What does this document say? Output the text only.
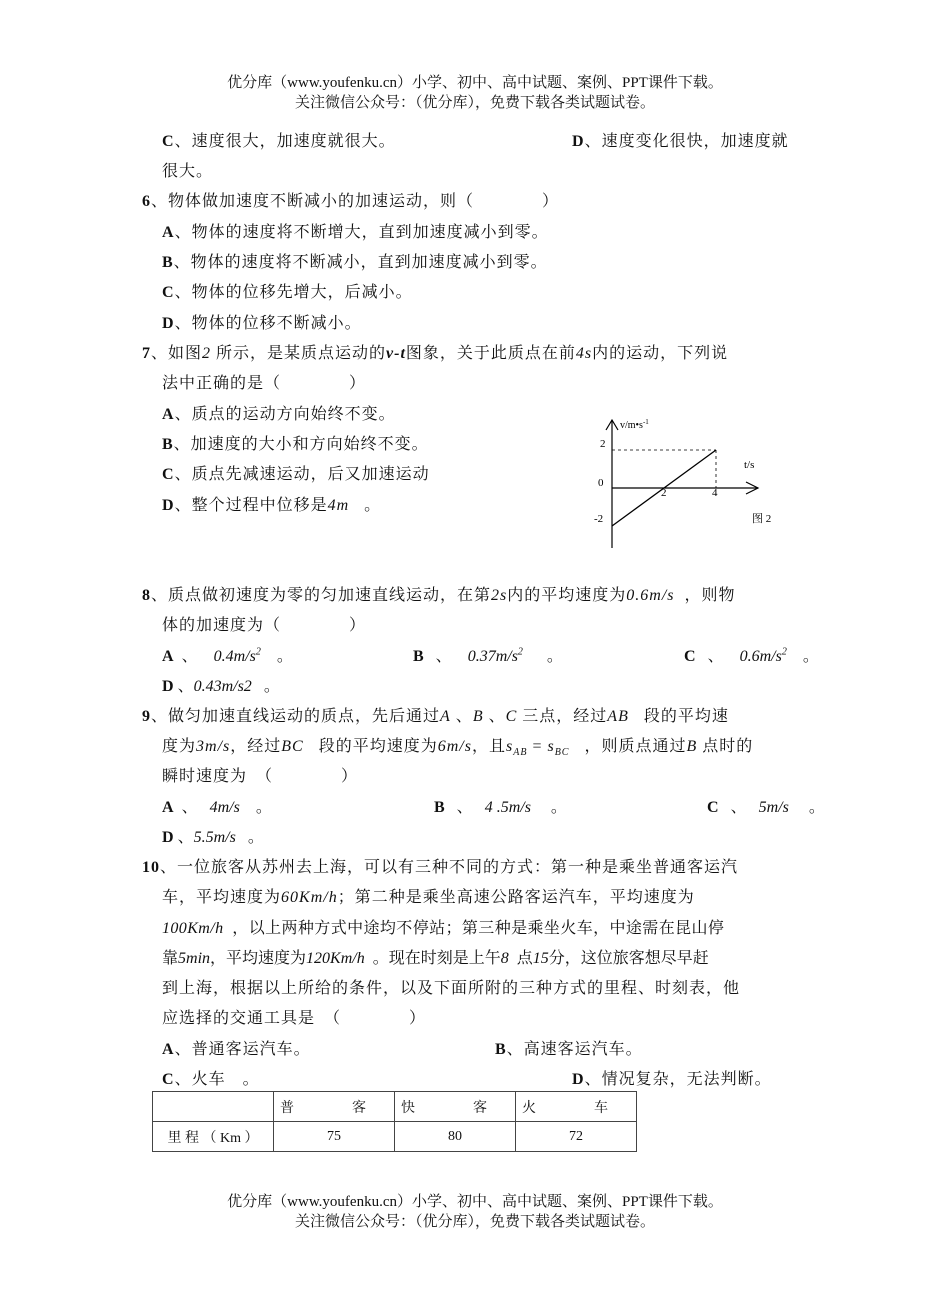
优分库（www.youfenku.cn）小学、初中、高中试题、案例、PPT课件下载。
关注微信公众号：（优分库），免费下载各类试题试卷。
C、速度很大，加速度就很大。	D、速度变化很快，加速度就
很大。
6、物体做加速度不断减小的加速运动，则（　　　　）
A、物体的速度将不断增大，直到加速度减小到零。
B、物体的速度将不断减小，直到加速度减小到零。
C、物体的位移先增大，后减小。
D、物体的位移不断减小。
7、如图2 所示，是某质点运动的v-t图象，关于此质点在前4s内的运动，下列说
法中正确的是（　　　　）
A、质点的运动方向始终不变。
B、加速度的大小和方向始终不变。
C、质点先减速运动，后又加速运动
D、整个过程中位移是4m 。
$v/m•s^{-1}$
t/s
2
0
-2
2	4
图 2
8、质点做初速度为零的匀加速直线运动，在第2s内的平均速度为0.6m/s ，则物
体的加速度为（　　　　）
A 、 $0.4m/s^2$ 。	B 、 $0.37m/s^2$ 。	C 、 $0.6m/s^2$ 。
D 、0.43m/s2 。
9、做匀加速直线运动的质点，先后通过A 、B 、C 三点，经过AB 段的平均速
度为3m/s，经过BC 段的平均速度为6m/s，且$s_{AB} = s_{BC}$ ，则质点通过B 点时的
瞬时速度为　（　　　　）
A 、 4m/s 。	B 、 4 .5m/s 。	C 、 5m/s 。
D 、5.5m/s 。
10、一位旅客从苏州去上海，可以有三种不同的方式：第一种是乘坐普通客运汽
车，平均速度为60Km/h；第二种是乘坐高速公路客运汽车，平均速度为
100Km/h ，以上两种方式中途均不停站；第三种是乘坐火车，中途需在昆山停
靠5min，平均速度为120Km/h 。现在时刻是上午8 点15分，这位旅客想尽早赶
到上海，根据以上所给的条件，以及下面所附的三种方式的里程、时刻表，他
应选择的交通工具是　（　　　　）
A、普通客运汽车。	B、高速客运汽车。
C、火车　。	D、情况复杂，无法判断。
	普　客	快　客	火　车
里 程 （ Km ）	75	80	72
优分库（www.youfenku.cn）小学、初中、高中试题、案例、PPT课件下载。
关注微信公众号：（优分库），免费下载各类试题试卷。
